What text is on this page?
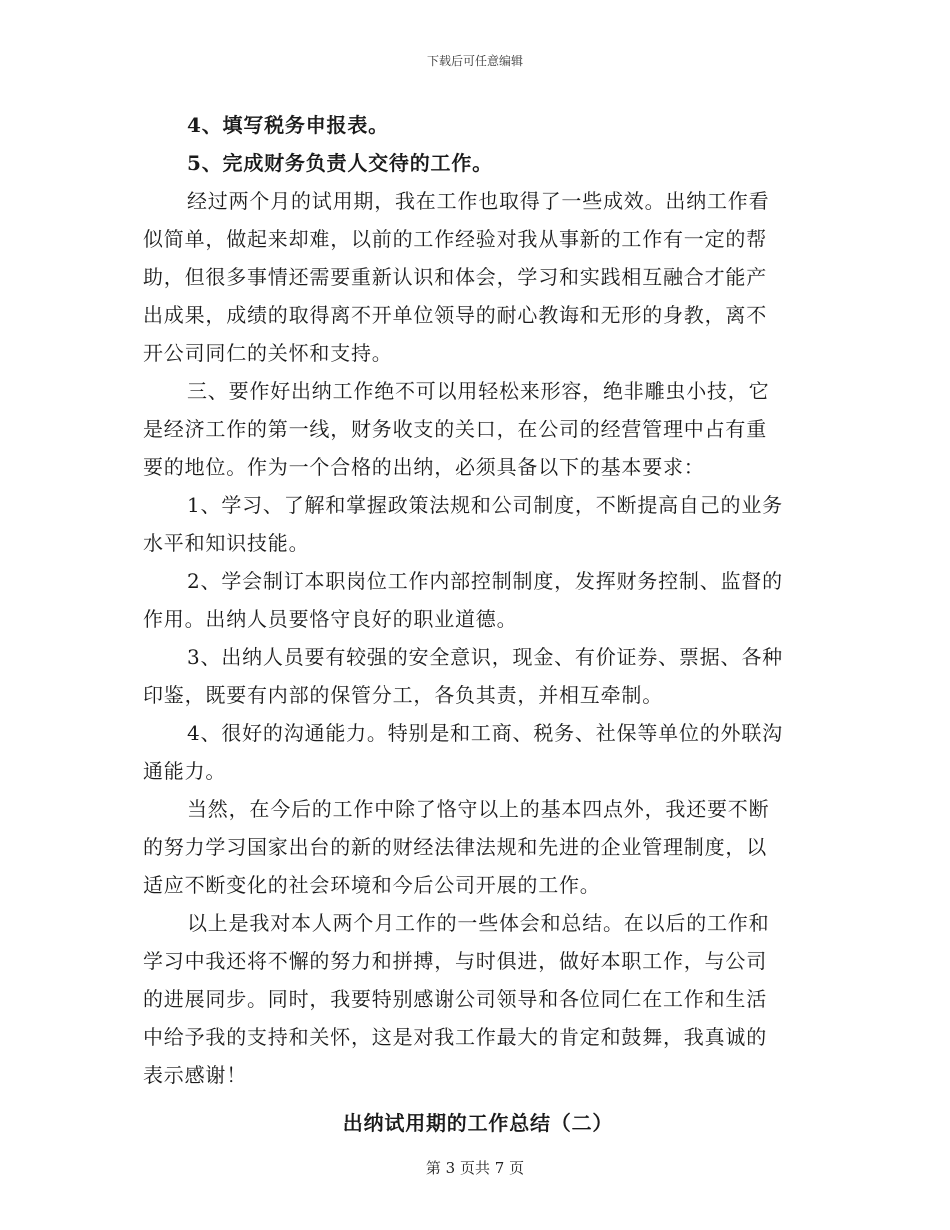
下载后可任意编辑
4、填写税务申报表。
5、完成财务负责人交待的工作。
经过两个月的试用期，我在工作也取得了一些成效。出纳工作看
似简单，做起来却难，以前的工作经验对我从事新的工作有一定的帮
助，但很多事情还需要重新认识和体会，学习和实践相互融合才能产
出成果，成绩的取得离不开单位领导的耐心教诲和无形的身教，离不
开公司同仁的关怀和支持。
三、要作好出纳工作绝不可以用轻松来形容，绝非雕虫小技，它
是经济工作的第一线，财务收支的关口，在公司的经营管理中占有重
要的地位。作为一个合格的出纳，必须具备以下的基本要求：
1、学习、了解和掌握政策法规和公司制度，不断提高自己的业务
水平和知识技能。
2、学会制订本职岗位工作内部控制制度，发挥财务控制、监督的
作用。出纳人员要恪守良好的职业道德。
3、出纳人员要有较强的安全意识，现金、有价证券、票据、各种
印鉴，既要有内部的保管分工，各负其责，并相互牵制。
4、很好的沟通能力。特别是和工商、税务、社保等单位的外联沟
通能力。
当然，在今后的工作中除了恪守以上的基本四点外，我还要不断
的努力学习国家出台的新的财经法律法规和先进的企业管理制度，以
适应不断变化的社会环境和今后公司开展的工作。
以上是我对本人两个月工作的一些体会和总结。在以后的工作和
学习中我还将不懈的努力和拼搏，与时俱进，做好本职工作，与公司
的进展同步。同时，我要特别感谢公司领导和各位同仁在工作和生活
中给予我的支持和关怀，这是对我工作最大的肯定和鼓舞，我真诚的
表示感谢！
出纳试用期的工作总结（二）
第 3 页共 7 页
